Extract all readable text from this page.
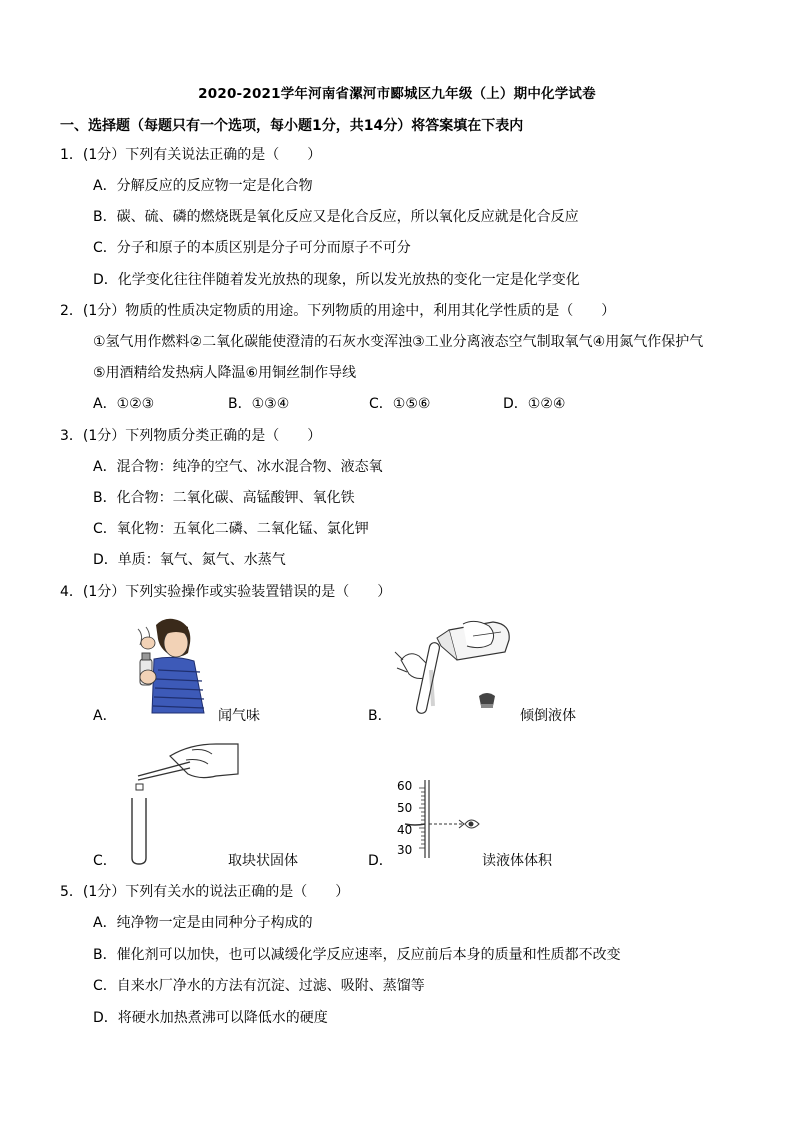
2020-2021学年河南省漯河市郾城区九年级（上）期中化学试卷
一、选择题（每题只有一个选项，每小题1分，共14分）将答案填在下表内
1．(1分）下列有关说法正确的是（　　）
A．分解反应的反应物一定是化合物
B．碳、硫、磷的燃烧既是氧化反应又是化合反应，所以氧化反应就是化合反应
C．分子和原子的本质区别是分子可分而原子不可分
D．化学变化往往伴随着发光放热的现象，所以发光放热的变化一定是化学变化
2．(1分）物质的性质决定物质的用途。下列物质的用途中，利用其化学性质的是（　　）
①氢气用作燃料②二氧化碳能使澄清的石灰水变浑浊③工业分离液态空气制取氧气④用氮气作保护气
⑤用酒精给发热病人降温⑥用铜丝制作导线
A．①②③	B．①③④	C．①⑤⑥	D．①②④
3．(1分）下列物质分类正确的是（　　）
A．混合物：纯净的空气、冰水混合物、液态氧
B．化合物：二氧化碳、高锰酸钾、氧化铁
C．氧化物：五氧化二磷、二氧化锰、氯化钾
D．单质：氧气、氮气、水蒸气
4．(1分）下列实验操作或实验装置错误的是（　　）
A．	闻气味	B．	倾倒液体
C．	取块状固体
60
50
40
30
D．	读液体体积
5．(1分）下列有关水的说法正确的是（　　）
A．纯净物一定是由同种分子构成的
B．催化剂可以加快，也可以减缓化学反应速率，反应前后本身的质量和性质都不改变
C．自来水厂净水的方法有沉淀、过滤、吸附、蒸馏等
D．将硬水加热煮沸可以降低水的硬度
